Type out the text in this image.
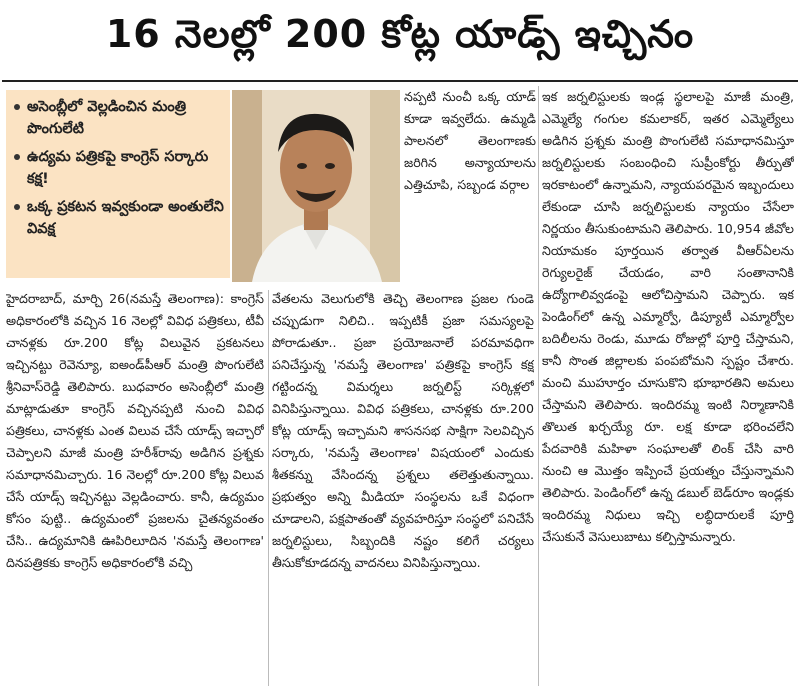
16 నెలల్లో 200 కోట్ల యాడ్స్ ఇచ్చినం
అసెంబ్లీలో వెల్లడించిన మంత్రి పొంగులేటి
ఉద్యమ పత్రికపై కాంగ్రెస్ సర్కారు కక్ష!
ఒక్క ప్రకటన ఇవ్వకుండా అంతులేని వివక్ష

నప్పటి నుంచీ ఒక్క యాడ్ కూడా ఇవ్వలేదు. ఉమ్మడి పాలనలో తెలంగాణకు జరిగిన అన్యాయాలను ఎత్తిచూపి, సబ్బండ వర్గాల

ఇక జర్నలిస్టులకు ఇండ్ల స్థలాలపై మాజీ మంత్రి, ఎమ్మెల్యే గంగుల కమలాకర్, ఇతర ఎమ్మెల్యేలు అడిగిన ప్రశ్నకు మంత్రి పొంగులేటి సమాధానమిస్తూ జర్నలిస్టులకు సంబంధించి సుప్రీంకోర్టు తీర్పుతో ఇరకాటంలో ఉన్నామని, న్యాయపరమైన ఇబ్బందులు లేకుండా చూసి జర్నలిస్టులకు న్యాయం చేసేలా నిర్ణయం తీసుకుంటామని తెలిపారు. 10,954 జీవోల నియామకం పూర్తయిన తర్వాత వీఆర్ఏలను రెగ్యులరైజ్ చేయడం, వారి సంతానానికి ఉద్యోగాలివ్వడంపై ఆలోచిస్తామని చెప్పారు. ఇక పెండింగ్‌లో ఉన్న ఎమ్మార్వో, డిప్యూటీ ఎమ్మార్వోల బదిలీలను రెండు, మూడు రోజుల్లో పూర్తి చేస్తామని, కానీ సొంత జిల్లాలకు పంపబోమని స్పష్టం చేశారు. మంచి ముహూర్తం చూసుకొని భూభారతిని అమలు చేస్తామని తెలిపారు. ఇందిరమ్మ ఇంటి నిర్మాణానికి తొలుత ఖర్చయ్యే రూ. లక్ష కూడా భరించలేని పేదవారికి మహిళా సంఘాలతో లింక్ చేసి వారి నుంచి ఆ మొత్తం ఇప్పించే ప్రయత్నం చేస్తున్నామని తెలిపారు. పెండింగ్‌లో ఉన్న డబుల్ బెడ్‌రూం ఇండ్లకు ఇందిరమ్మ నిధులు ఇచ్చి లబ్ధిదారులకే పూర్తి చేసుకునే వెసులుబాటు కల్పిస్తామన్నారు.

హైదరాబాద్, మార్చి 26(నమస్తే తెలంగాణ): కాంగ్రెస్ అధికారంలోకి వచ్చిన 16 నెలల్లో వివిధ పత్రికలు, టీవీ చానళ్లకు రూ.200 కోట్ల విలువైన ప్రకటనలు ఇచ్చినట్టు రెవెన్యూ, ఐఅండ్‌పీఆర్ మంత్రి పొంగులేటి శ్రీనివాస్‌రెడ్డి తెలిపారు. బుధవారం అసెంబ్లీలో మంత్రి మాట్లాడుతూ కాంగ్రెస్ వచ్చినప్పటి నుంచి వివిధ పత్రికలు, చానళ్లకు ఎంత విలువ చేసే యాడ్స్ ఇచ్చారో చెప్పాలని మాజీ మంత్రి హరీశ్‌రావు అడిగిన ప్రశ్నకు సమాధానమిచ్చారు. 16 నెలల్లో రూ.200 కోట్ల విలువ చేసే యాడ్స్ ఇచ్చినట్టు వెల్లడించారు. కానీ, ఉద్యమం కోసం పుట్టి.. ఉద్యమంలో ప్రజలను చైతన్యవంతం చేసి.. ఉద్యమానికి ఊపిరిలూదిన 'నమస్తే తెలంగాణ' దినపత్రికకు కాంగ్రెస్ అధికారంలోకి వచ్చి

వేతలను వెలుగులోకి తెచ్చి తెలంగాణ ప్రజల గుండె చప్పుడుగా నిలిచి.. ఇప్పటికీ ప్రజా సమస్యలపై పోరాడుతూ.. ప్రజా ప్రయోజనాలే పరమావధిగా పనిచేస్తున్న 'నమస్తే తెలంగాణ' పత్రికపై కాంగ్రెస్ కక్ష గట్టిందన్న విమర్శలు జర్నలిస్ట్ సర్కిళ్లలో వినిపిస్తున్నాయి. వివిధ పత్రికలు, చానళ్లకు రూ.200 కోట్ల యాడ్స్ ఇచ్చామని శాసనసభ సాక్షిగా సెలవిచ్చిన సర్కారు, 'నమస్తే తెలంగాణ' విషయంలో ఎందుకు శీతకన్ను వేసిందన్న ప్రశ్నలు తలెత్తుతున్నాయి. ప్రభుత్వం అన్ని మీడియా సంస్థలను ఒకే విధంగా చూడాలని, పక్షపాతంతో వ్యవహరిస్తూ సంస్థలో పనిచేసే జర్నలిస్టులు, సిబ్బందికి నష్టం కలిగే చర్యలు తీసుకోకూడదన్న వాదనలు వినిపిస్తున్నాయి.
